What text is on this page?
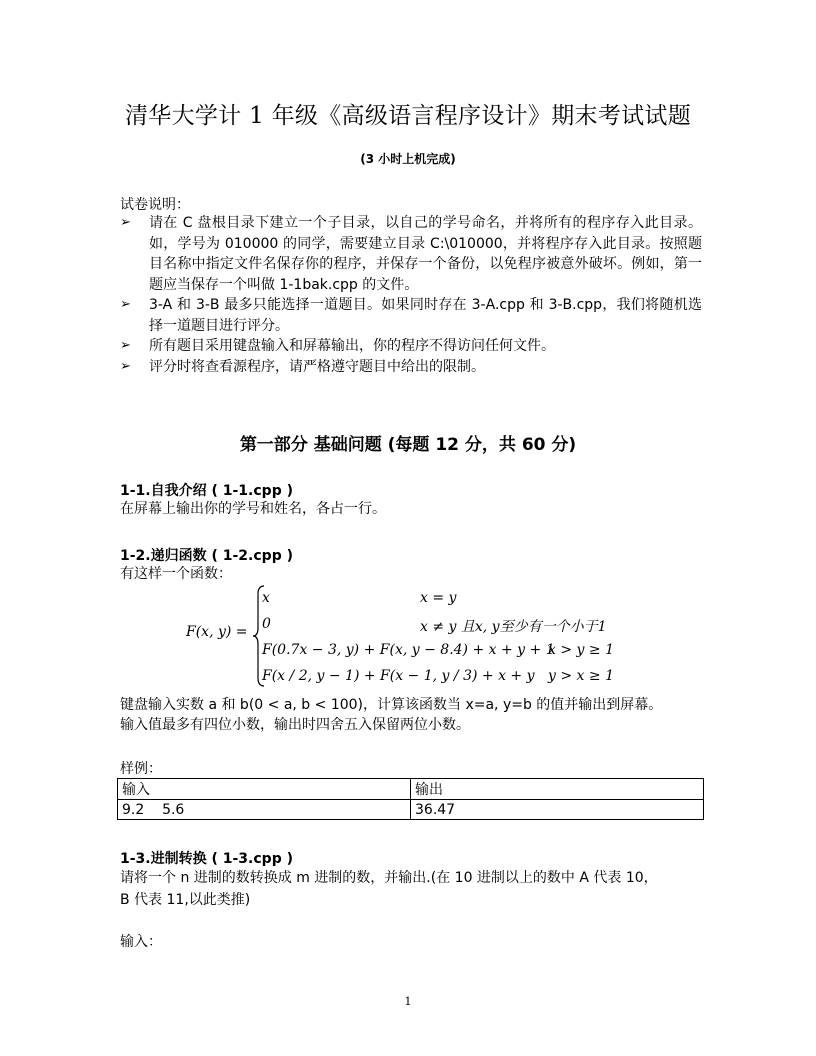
清华大学计 1 年级《高级语言程序设计》期末考试试题
(3 小时上机完成)
试卷说明：
➢ 请在 C 盘根目录下建立一个子目录，以自己的学号命名，并将所有的程序存入此目录。如，学号为 010000 的同学，需要建立目录 C:\010000，并将程序存入此目录。按照题目名称中指定文件名保存你的程序，并保存一个备份，以免程序被意外破坏。例如，第一题应当保存一个叫做 1-1bak.cpp 的文件。
➢ 3-A 和 3-B 最多只能选择一道题目。如果同时存在 3-A.cpp 和 3-B.cpp，我们将随机选择一道题目进行评分。
➢ 所有题目采用键盘输入和屏幕输出，你的程序不得访问任何文件。
➢ 评分时将查看源程序，请严格遵守题目中给出的限制。
第一部分 基础问题 (每题 12 分，共 60 分)
1-1.自我介绍 ( 1-1.cpp )
在屏幕上输出你的学号和姓名，各占一行。
1-2.递归函数 ( 1-2.cpp )
有这样一个函数：
F(x, y) =
x	x = y
0	x ≠ y 且x, y至少有一个小于1
F(0.7x − 3, y) + F(x, y − 8.4) + x + y + 1
x > y ≥ 1
F(x / 2, y − 1) + F(x − 1, y / 3) + x + y y > x ≥ 1
键盘输入实数 a 和 b(0 < a, b < 100)，计算该函数当 x=a, y=b 的值并输出到屏幕。
输入值最多有四位小数，输出时四舍五入保留两位小数。
样例：
输入	输出
9.2    5.6	36.47
1-3.进制转换 ( 1-3.cpp )
请将一个 n 进制的数转换成 m 进制的数，并输出.(在 10 进制以上的数中 A 代表 10，
B 代表 11,以此类推)
输入：
1
